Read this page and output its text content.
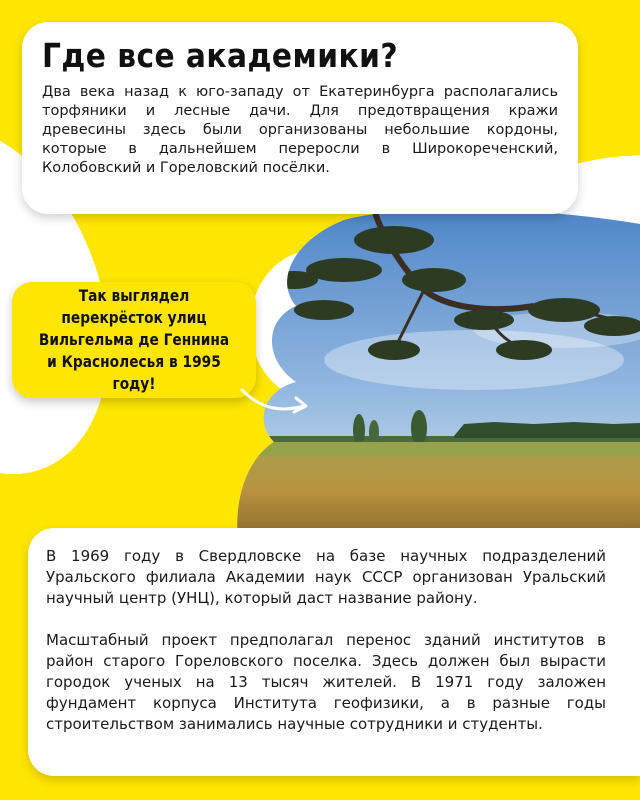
Где все академики?

Два века назад к юго-западу от Екатеринбурга располагались торфяники и лесные дачи. Для предотвращения кражи древесины здесь были организованы небольшие кордоны, которые в дальнейшем переросли в Широкореченский, Колобовский и Гореловский посёлки.

Так выглядел перекрёсток улиц Вильгельма де Геннина и Краснолесья в 1995 году!

В 1969 году в Свердловске на базе научных подразделений Уральского филиала Академии наук СССР организован Уральский научный центр (УНЦ), который даст название району.

Масштабный проект предполагал перенос зданий институтов в район старого Гореловского поселка. Здесь должен был вырасти городок ученых на 13 тысяч жителей. В 1971 году заложен фундамент корпуса Института геофизики, а в разные годы строительством занимались научные сотрудники и студенты.
